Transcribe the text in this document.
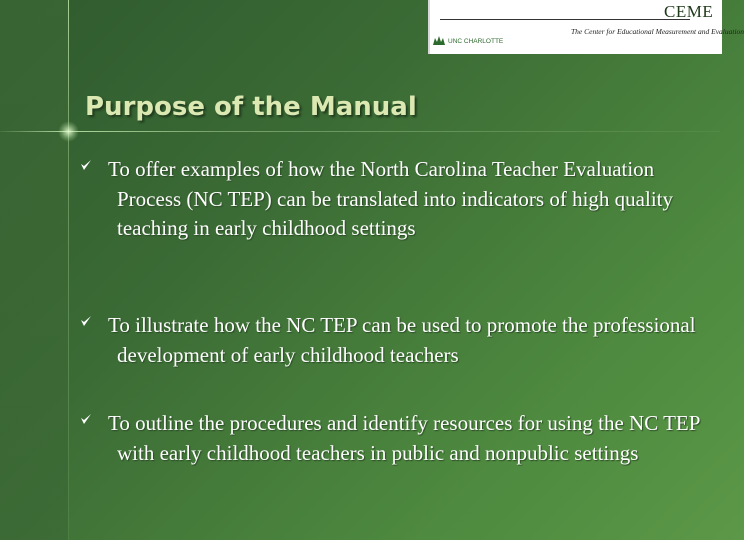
CEME
The Center for Educational Measurement and Evaluation
UNC CHARLOTTE
Purpose of the Manual
To offer examples of how the North Carolina Teacher Evaluation Process (NC TEP) can be translated into indicators of high quality teaching in early childhood settings
To illustrate how the NC TEP can be used to promote the professional development of early childhood teachers
To outline the procedures and identify resources for using the NC TEP with early childhood teachers in public and nonpublic settings
